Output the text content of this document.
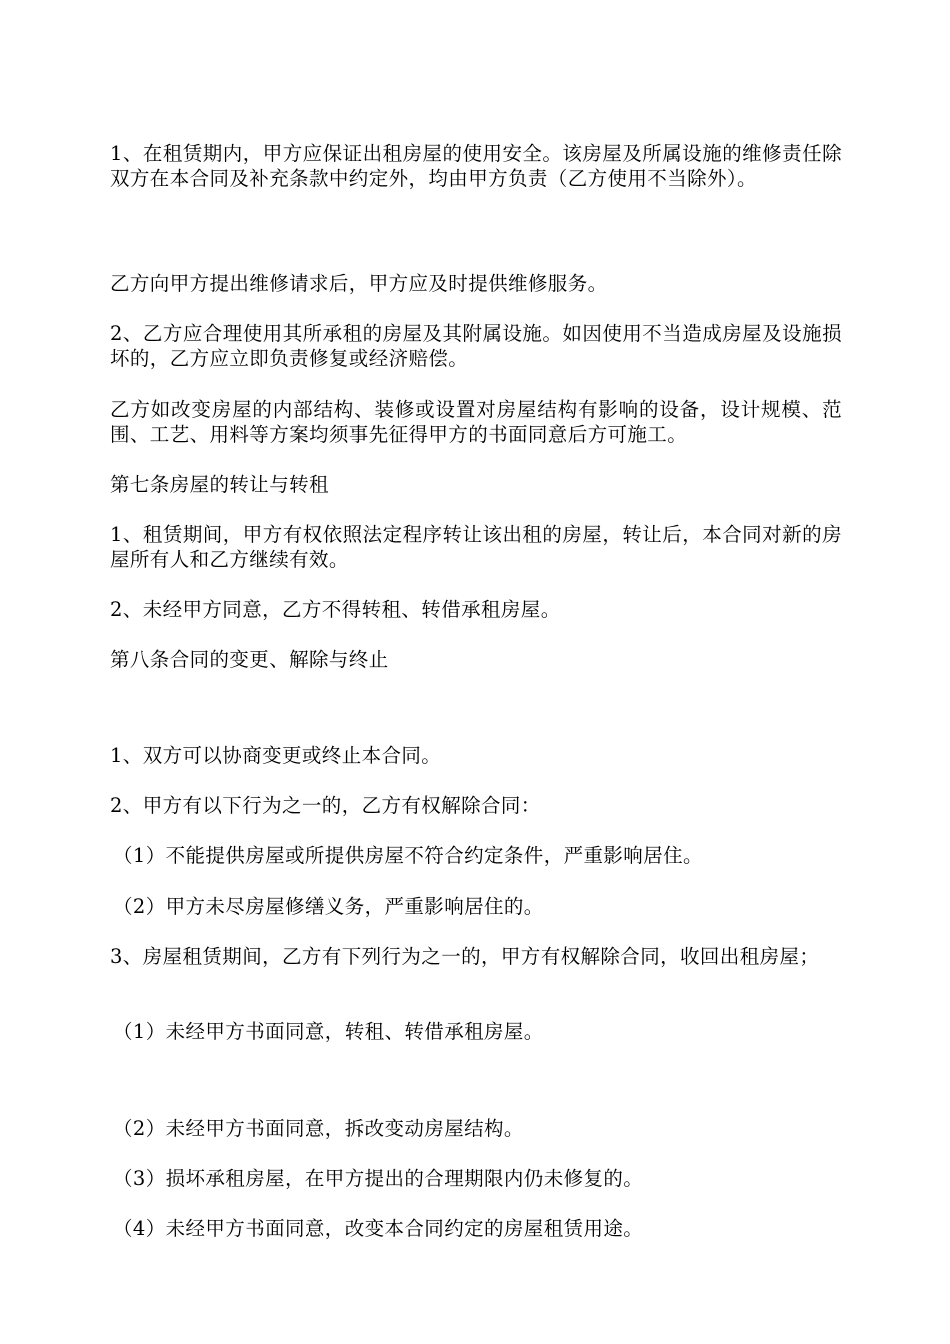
1、在租赁期内，甲方应保证出租房屋的使用安全。该房屋及所属设施的维修责任除双方在本合同及补充条款中约定外，均由甲方负责（乙方使用不当除外）。

乙方向甲方提出维修请求后，甲方应及时提供维修服务。

2、乙方应合理使用其所承租的房屋及其附属设施。如因使用不当造成房屋及设施损坏的，乙方应立即负责修复或经济赔偿。

乙方如改变房屋的内部结构、装修或设置对房屋结构有影响的设备，设计规模、范围、工艺、用料等方案均须事先征得甲方的书面同意后方可施工。

第七条房屋的转让与转租

1、租赁期间，甲方有权依照法定程序转让该出租的房屋，转让后，本合同对新的房屋所有人和乙方继续有效。

2、未经甲方同意，乙方不得转租、转借承租房屋。

第八条合同的变更、解除与终止

1、双方可以协商变更或终止本合同。

2、甲方有以下行为之一的，乙方有权解除合同：

（1）不能提供房屋或所提供房屋不符合约定条件，严重影响居住。

（2）甲方未尽房屋修缮义务，严重影响居住的。

3、房屋租赁期间，乙方有下列行为之一的，甲方有权解除合同，收回出租房屋；

（1）未经甲方书面同意，转租、转借承租房屋。

（2）未经甲方书面同意，拆改变动房屋结构。

（3）损坏承租房屋，在甲方提出的合理期限内仍未修复的。

（4）未经甲方书面同意，改变本合同约定的房屋租赁用途。
